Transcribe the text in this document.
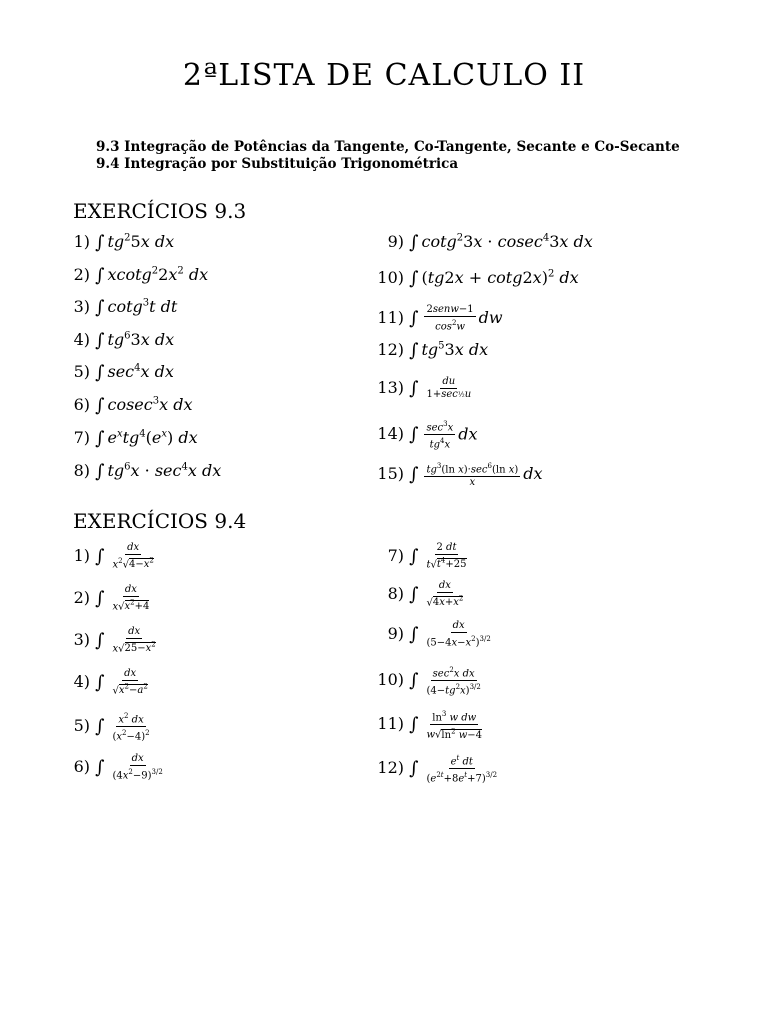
2ªLISTA DE CALCULO II
9.3 Integração de Potências da Tangente, Co-Tangente, Secante e Co-Secante
9.4 Integração por Substituição Trigonométrica
EXERCÍCIOS 9.3
1) ∫ $tg^25x$ dx
2) ∫ $xcotg^22x^2$ dx
3) ∫ cotg$^3$t dt
4) ∫ $tg^63x$ dx
5) ∫ $\sec^4x$ dx
6) ∫ cosec$^3$x dx
7) ∫ $e^xtg^4(e^x)$ dx
8) ∫ $tg^6x \cdot \sec^4x$ dx
9) ∫ cotg$^2$3x · cosec$^4$3x dx
10) ∫ $(tg2x + \cot g2x)^2$ dx
11) ∫ $\frac{\text{2senw−1}}{\cos^2w}$ dw
12) ∫ $tg^53x$ dx
13) ∫ $\frac{du}{\text{1+sec½u}}$
14) ∫ $\frac{\sec^3x}{tg^4x}$ dx
15) ∫ $\frac{tg^3(\ln x)\cdot\sec^6(\ln x)}{x}$ dx
EXERCÍCIOS 9.4
1) ∫ $\frac{dx}{x^2√4-x^2}$
2) ∫ $\frac{dx}{x√x^2+4}$
3) ∫ $\frac{dx}{x√25-x^2}$
4) ∫ $\frac{dx}{√x^2-a^2}$
5) ∫ $\frac{x^2 dx}{(x^2-4)^2}$
6) ∫ $\frac{dx}{(4x^2-9)^{3/2}}$
7) ∫ $\frac{2 dt}{t√t^4+25}$
8) ∫ $\frac{dx}{√4x+x^2}$
9) ∫ $\frac{dx}{(5-4x-x^2)^{3/2}}$
10) ∫ $\frac{\sec^2x dx}{(4-tg^2x)^{3/2}}$
11) ∫ $\frac{\ln^3 w dw}{w√\ln^2 w-4}$
12) ∫ $\frac{e^t dt}{(e^{2t}+8e^t+7)^{3/2}}$
